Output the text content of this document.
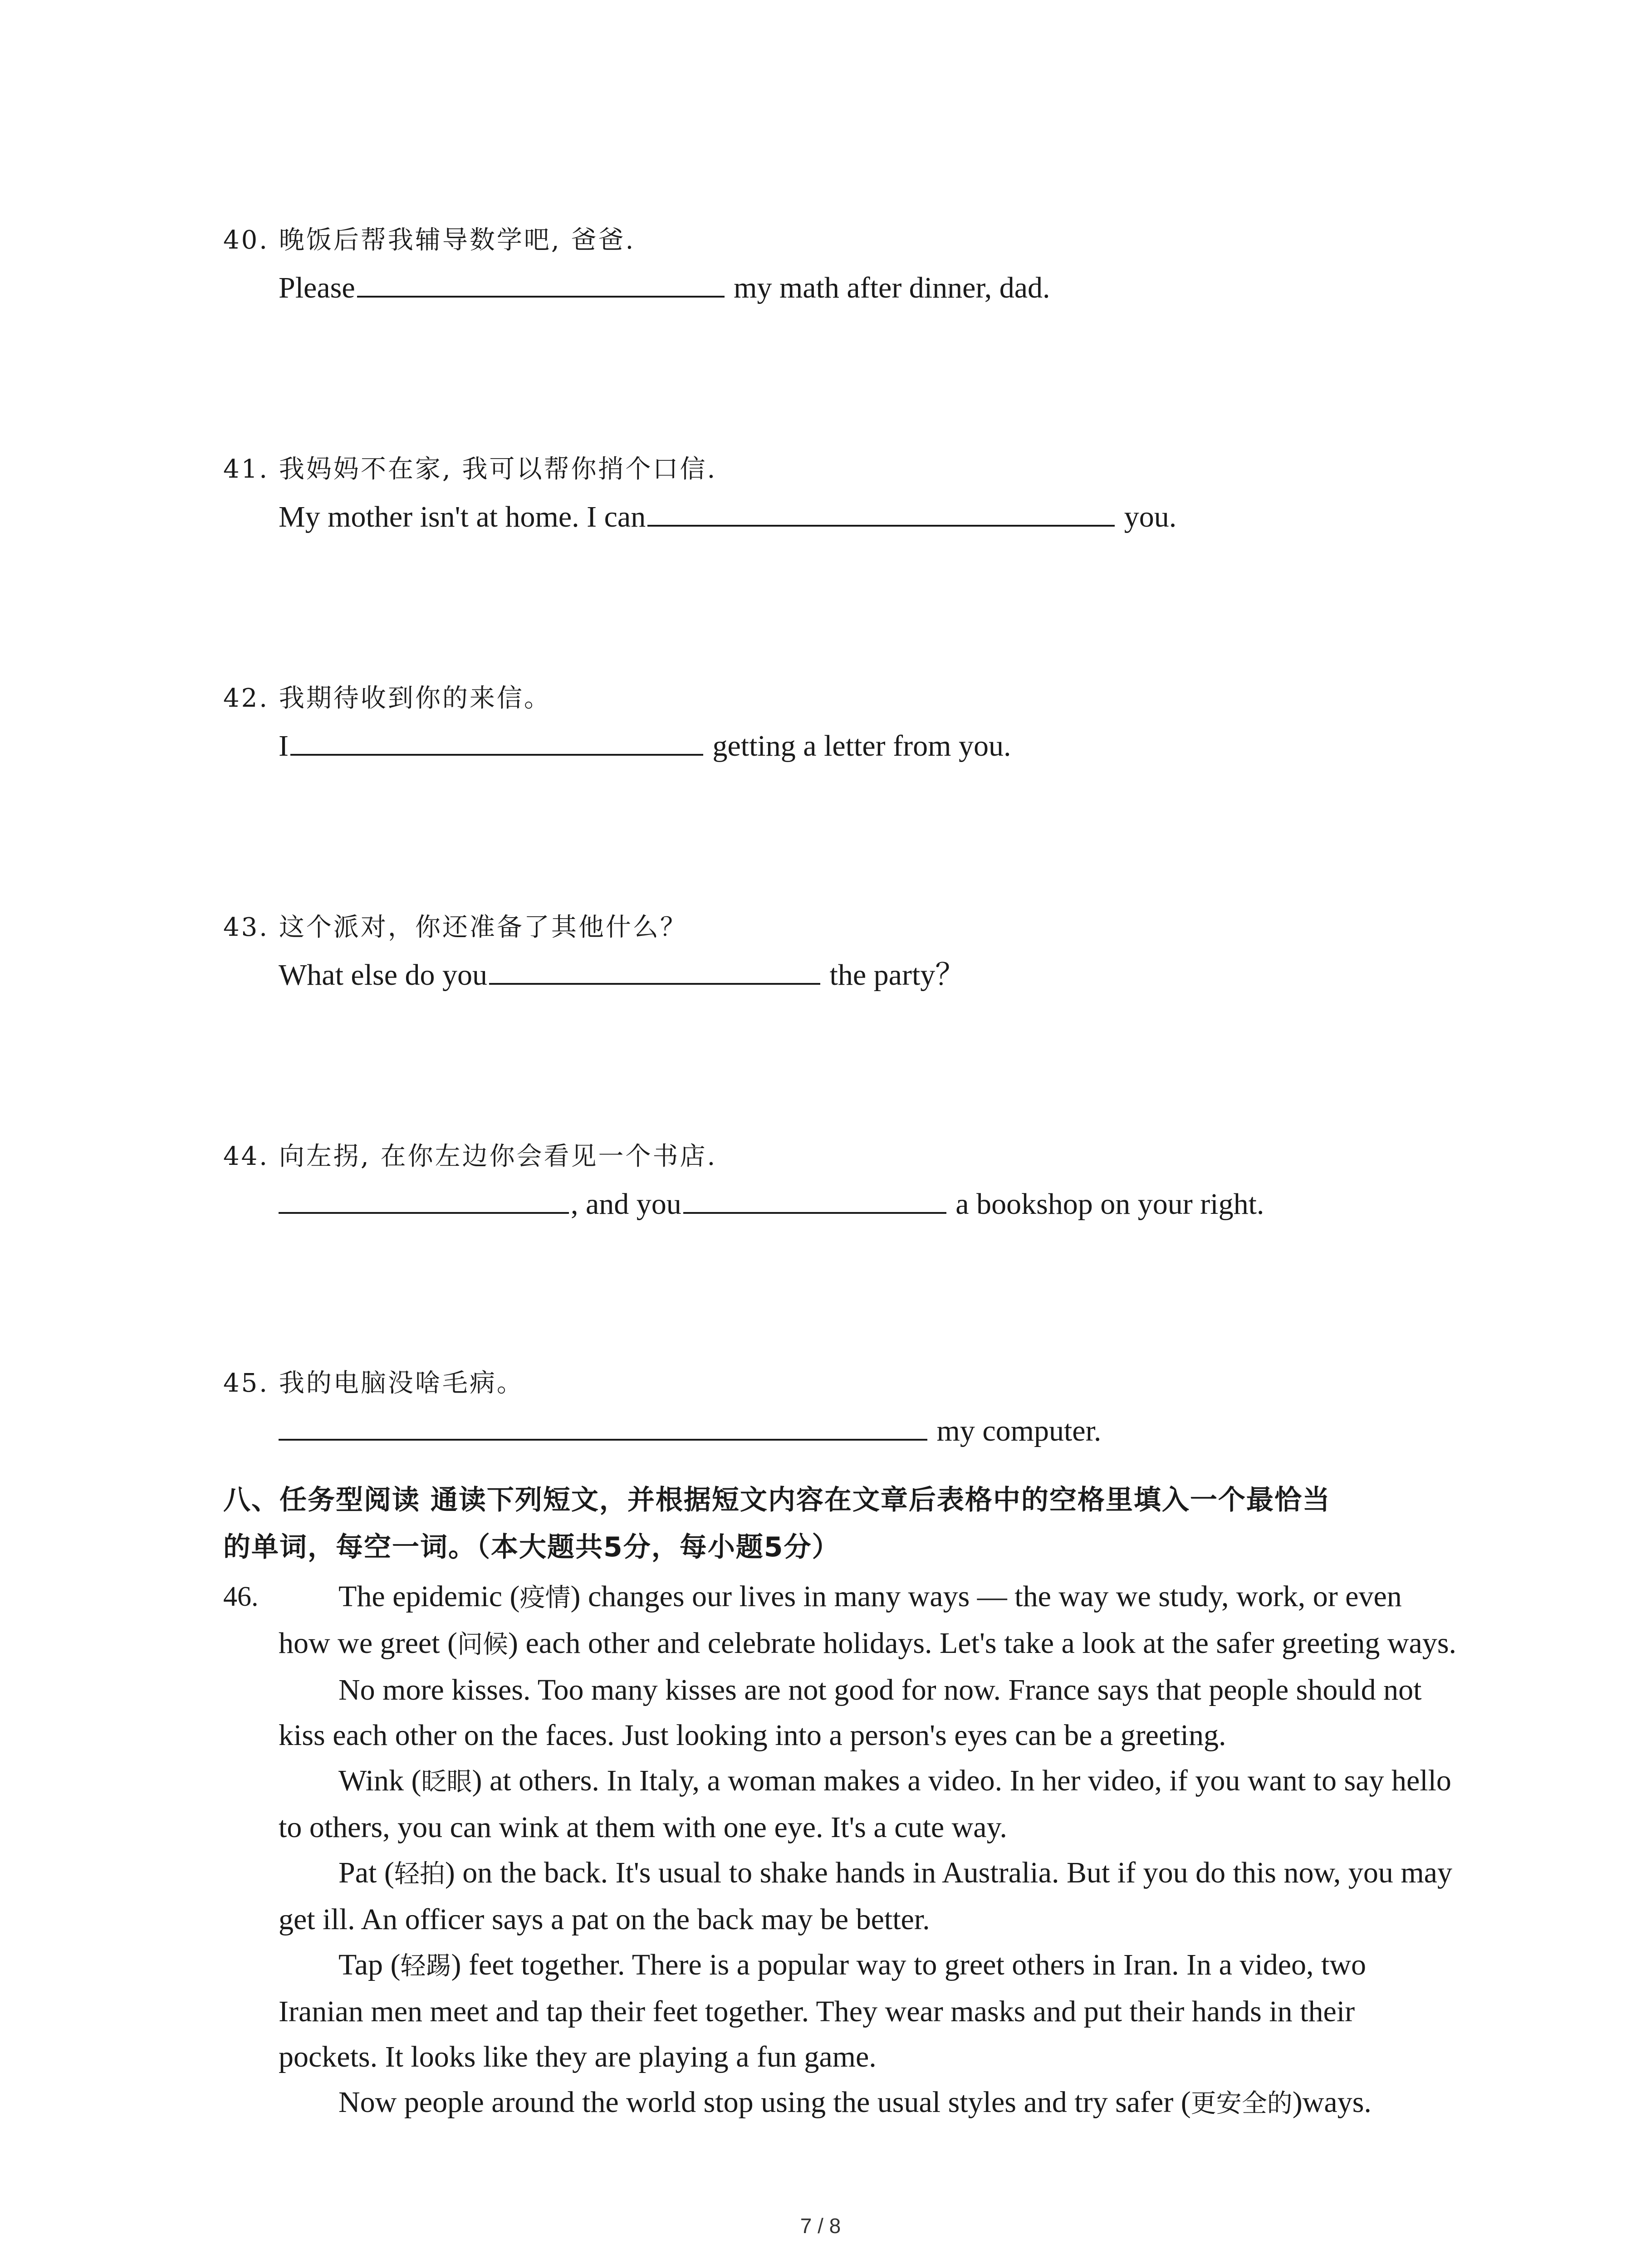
40. 晚饭后帮我辅导数学吧, 爸爸.
Please	my math after dinner, dad.
41. 我妈妈不在家, 我可以帮你捎个口信.
My mother isn't at home. I can	you.
42. 我期待收到你的来信。
I	getting a letter from you.
43. 这个派对，你还准备了其他什么？
What else do you	the party？
44. 向左拐, 在你左边你会看见一个书店.
, and you	a bookshop on your right.
45. 我的电脑没啥毛病。
my computer.
八、任务型阅读 通读下列短文，并根据短文内容在文章后表格中的空格里填入一个最恰当
的单词，每空一词。（本大题共5分，每小题5分）
46.	The epidemic (疫情) changes our lives in many ways — the way we study, work, or even how we greet (问候) each other and celebrate holidays. Let's take a look at the safer greeting ways.

No more kisses. Too many kisses are not good for now. France says that people should not kiss each other on the faces. Just looking into a person's eyes can be a greeting.

Wink (眨眼) at others. In Italy, a woman makes a video. In her video, if you want to say hello to others, you can wink at them with one eye. It's a cute way.

Pat (轻拍) on the back. It's usual to shake hands in Australia. But if you do this now, you may get ill. An officer says a pat on the back may be better.

Tap (轻踢) feet together. There is a popular way to greet others in Iran. In a video, two Iranian men meet and tap their feet together. They wear masks and put their hands in their pockets. It looks like they are playing a fun game.

Now people around the world stop using the usual styles and try safer (更安全的)ways.

7 / 8
